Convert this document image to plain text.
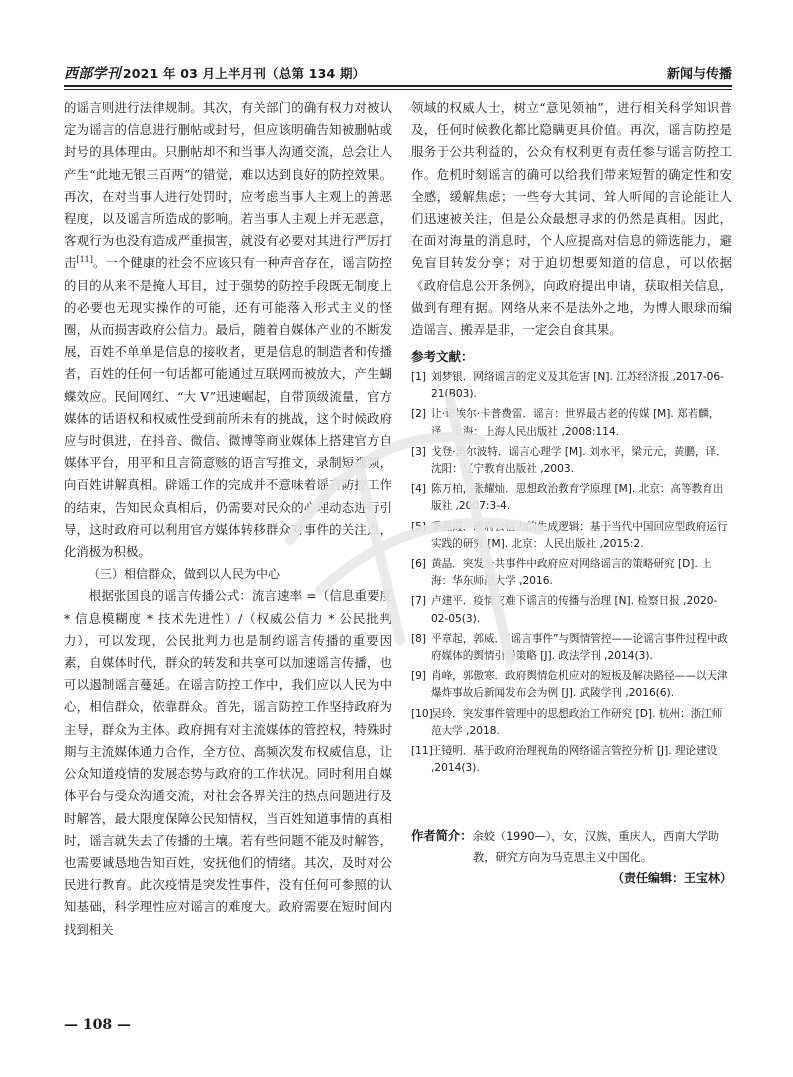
西部学刊 2021 年 03 月上半月刊（总第 134 期）	新闻与传播

的谣言则进行法律规制。其次，有关部门的确有权力对被认定为谣言的信息进行删帖或封号，但应该明确告知被删帖或封号的具体理由。只删帖却不和当事人沟通交流，总会让人产生“此地无银三百两”的错觉，难以达到良好的防控效果。再次，在对当事人进行处罚时，应考虑当事人主观上的善恶程度，以及谣言所造成的影响。若当事人主观上并无恶意，客观行为也没有造成严重损害，就没有必要对其进行严厉打击[11]。一个健康的社会不应该只有一种声音存在，谣言防控的目的从来不是掩人耳目，过于强势的防控手段既无制度上的必要也无现实操作的可能，还有可能落入形式主义的怪圈，从而损害政府公信力。最后，随着自媒体产业的不断发展，百姓不单单是信息的接收者，更是信息的制造者和传播者，百姓的任何一句话都可能通过互联网而被放大，产生蝴蝶效应。民间网红、“大 V”迅速崛起，自带顶级流量，官方媒体的话语权和权威性受到前所未有的挑战，这个时候政府应与时俱进，在抖音、微信、微博等商业媒体上搭建官方自媒体平台，用平和且言简意赅的语言写推文，录制短视频，向百姓讲解真相。辟谣工作的完成并不意味着谣言防控工作的结束，告知民众真相后，仍需要对民众的心理动态进行引导，这时政府可以利用官方媒体转移群众对事件的关注点，化消极为积极。

（三）相信群众，做到以人民为中心

根据张国良的谣言传播公式：流言速率 =（信息重要度 * 信息模糊度 * 技术先进性）/（权威公信力 * 公民批判力），可以发现，公民批判力也是制约谣言传播的重要因素，自媒体时代，群众的转发和共享可以加速谣言传播，也可以遏制谣言蔓延。在谣言防控工作中，我们应以人民为中心，相信群众，依靠群众。首先，谣言防控工作坚持政府为主导，群众为主体。政府拥有对主流媒体的管控权，特殊时期与主流媒体通力合作，全方位、高频次发布权威信息，让公众知道疫情的发展态势与政府的工作状况。同时利用自媒体平台与受众沟通交流，对社会各界关注的热点问题进行及时解答，最大限度保障公民知情权，当百姓知道事情的真相时，谣言就失去了传播的土壤。若有些问题不能及时解答，也需要诚恳地告知百姓，安抚他们的情绪。其次，及时对公民进行教育。此次疫情是突发性事件，没有任何可参照的认知基础，科学理性应对谣言的难度大。政府需要在短时间内找到相关

领域的权威人士，树立“意见领袖”，进行相关科学知识普及，任何时候教化都比隐瞒更具价值。再次，谣言防控是服务于公共利益的，公众有权利更有责任参与谣言防控工作。危机时刻谣言的确可以给我们带来短暂的确定性和安全感，缓解焦虑；一些夸大其词、耸人听闻的言论能让人们迅速被关注，但是公众最想寻求的仍然是真相。因此，在面对海量的消息时，个人应提高对信息的筛选能力，避免盲目转发分享；对于迫切想要知道的信息，可以依据《政府信息公开条例》，向政府提出申请，获取相关信息，做到有理有据。网络从来不是法外之地，为博人眼球而编造谣言、搬弄是非，一定会自食其果。

参考文献：
[1] 刘梦银．网络谣言的定义及其危害 [N]. 江苏经济报 ,2017-06-21(B03).
[2] 让·诺埃尔·卡普费雷．谣言：世界最古老的传媒 [M]. 郑若麟，译．上海：上海人民出版社 ,2008:114.
[3] 戈登·奥尔波特．谣言心理学 [M]. 刘水平，梁元元，黄鹏，译．沈阳：辽宁教育出版社 ,2003.
[4] 陈万柏，张耀灿．思想政治教育学原理 [M]. 北京：高等教育出版社 ,2007:3-4.
[5] 季燕霞．政府公信力的生成逻辑：基于当代中国回应型政府运行实践的研究 [M]. 北京：人民出版社 ,2015:2.
[6] 黄晶．突发公共事件中政府应对网络谣言的策略研究 [D]. 上海：华东师范大学 ,2016.
[7] 卢建平．疫情灾难下谣言的传播与治理 [N]. 检察日报 ,2020-02-05(3).
[8] 平章起，郭威．“谣言事件”与舆情管控——论谣言事件过程中政府媒体的舆情引导策略 [J]. 政法学刊 ,2014(3).
[9] 肖峰，郭傲寒．政府舆情危机应对的短板及解决路径——以天津爆炸事故后新闻发布会为例 [J]. 武陵学刊 ,2016(6).
[10]
吴玲．突发事件管理中的思想政治工作研究 [D]. 杭州：浙江师范大学 ,2018.
[11]
王镜明．基于政府治理视角的网络谣言管控分析 [J]. 理论建设 ,2014(3).
作者简介：余姣（1990—），女，汉族，重庆人，西南大学助
教，研究方向为马克思主义中国化。
（责任编辑：王宝林）
— 108 —
